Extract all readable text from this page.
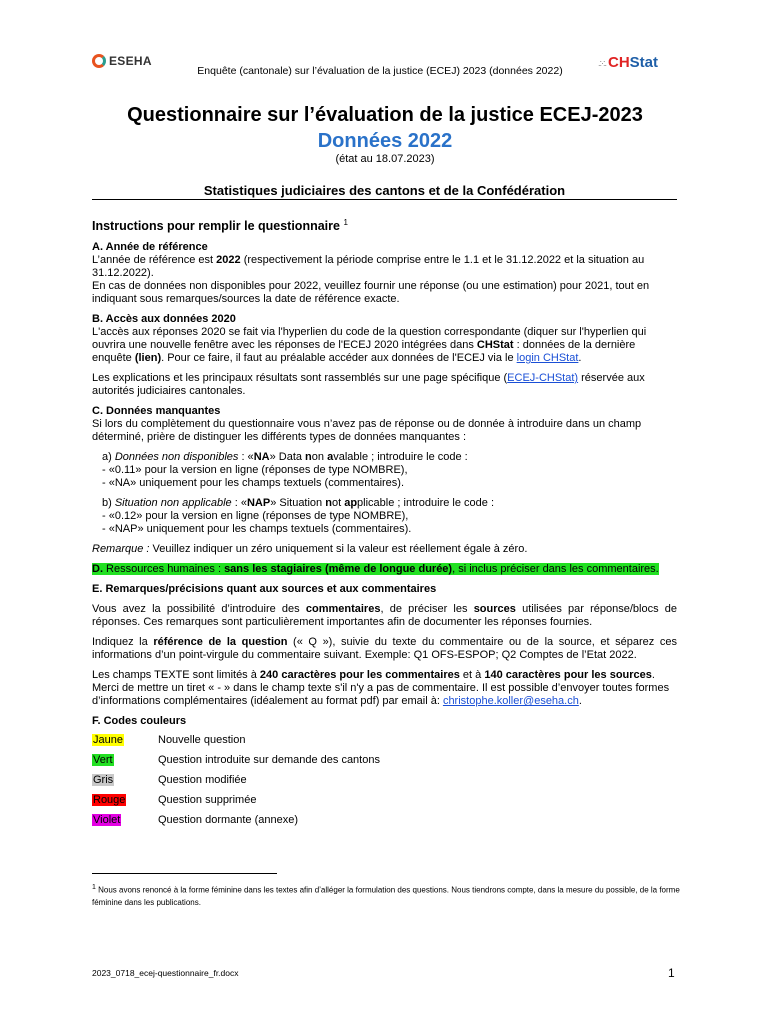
ESEHA
Enquête (cantonale) sur l’évaluation de la justice (ECEJ) 2023 (données 2022)
.:·:. CHStat
Questionnaire sur l’évaluation de la justice ECEJ-2023
Données 2022
(état au 18.07.2023)
Statistiques judiciaires des cantons et de la Confédération
Instructions pour remplir le questionnaire $^1$
A. Année de référence

L’année de référence est 2022 (respectivement la période comprise entre le 1.1 et le 31.12.2022 et la situation au 31.12.2022).
En cas de données non disponibles pour 2022, veuillez fournir une réponse (ou une estimation) pour 2021, tout en indiquant sous remarques/sources la date de référence exacte.

B. Accès aux données 2020

L'accès aux réponses 2020 se fait via l'hyperlien du code de la question correspondante (diquer sur l'hyperlien qui ouvrira une nouvelle fenêtre avec les réponses de l'ECEJ 2020 intégrées dans CHStat : données de la dernière enquête (lien). Pour ce faire, il faut au préalable accéder aux données de l'ECEJ via le login CHStat.

Les explications et les principaux résultats sont rassemblés sur une page spécifique (ECEJ-CHStat) réservée aux autorités judiciaires cantonales.

C. Données manquantes

Si lors du complètement du questionnaire vous n’avez pas de réponse ou de donnée à introduire dans un champ déterminé, prière de distinguer les différents types de données manquantes :

a) Données non disponibles : «NA» Data non avalable ; introduire le code :
- «0.11» pour la version en ligne (réponses de type NOMBRE),
- «NA» uniquement pour les champs textuels (commentaires).

b) Situation non applicable : «NAP» Situation not applicable ; introduire le code :
- «0.12» pour la version en ligne (réponses de type NOMBRE),
- «NAP» uniquement pour les champs textuels (commentaires).

Remarque : Veuillez indiquer un zéro uniquement si la valeur est réellement égale à zéro.

D. Ressources humaines : sans les stagiaires (même de longue durée), si inclus préciser dans les commentaires.

E. Remarques/précisions quant aux sources et aux commentaires

Vous avez la possibilité d’introduire des commentaires, de préciser les sources utilisées par réponse/blocs de réponses. Ces remarques sont particulièrement importantes afin de documenter les réponses fournies.

Indiquez la référence de la question (« Q »), suivie du texte du commentaire ou de la source, et séparez ces informations d’un point-virgule du commentaire suivant. Exemple: Q1 OFS-ESPOP; Q2 Comptes de l’Etat 2022.

Les champs TEXTE sont limités à 240 caractères pour les commentaires et à 140 caractères pour les sources. Merci de mettre un tiret « - » dans le champ texte s'il n'y a pas de commentaire. Il est possible d’envoyer toutes formes d’informations complémentaires (idéalement au format pdf) par email à: christophe.koller@eseha.ch.

F. Codes couleurs
Jaune	Nouvelle question
Vert	Question introduite sur demande des cantons
Gris	Question modifiée
Rouge	Question supprimée
Violet	Question dormante (annexe)
$^1$ Nous avons renoncé à la forme féminine dans les textes afin d’alléger la formulation des questions. Nous tiendrons compte, dans la mesure du possible, de la forme féminine dans les publications.
2023_0718_ecej-questionnaire_fr.docx	1
